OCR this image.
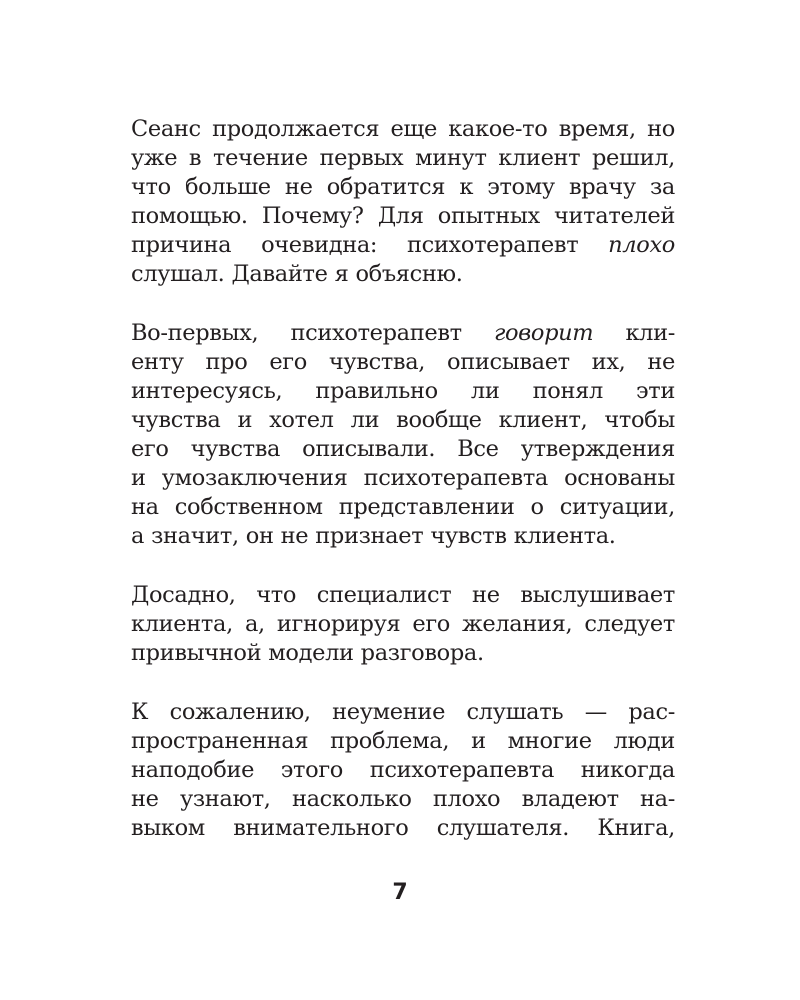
Сеанс продолжается еще какое-то время, но
уже в течение первых минут клиент решил,
что больше не обратится к этому врачу за
помощью. Почему? Для опытных читателей
причина очевидна: психотерапевт плохо
слушал. Давайте я объясню.
Во-первых, психотерапевт говорит кли-
енту про его чувства, описывает их, не
интересуясь, правильно ли понял эти
чувства и хотел ли вообще клиент, чтобы
его чувства описывали. Все утверждения
и умозаключения психотерапевта основаны
на собственном представлении о ситуации,
а значит, он не признает чувств клиента.
Досадно, что специалист не выслушивает
клиента, а, игнорируя его желания, следует
привычной модели разговора.
К сожалению, неумение слушать — рас-
пространенная проблема, и многие люди
наподобие этого психотерапевта никогда
не узнают, насколько плохо владеют на-
выком внимательного слушателя. Книга,
7
